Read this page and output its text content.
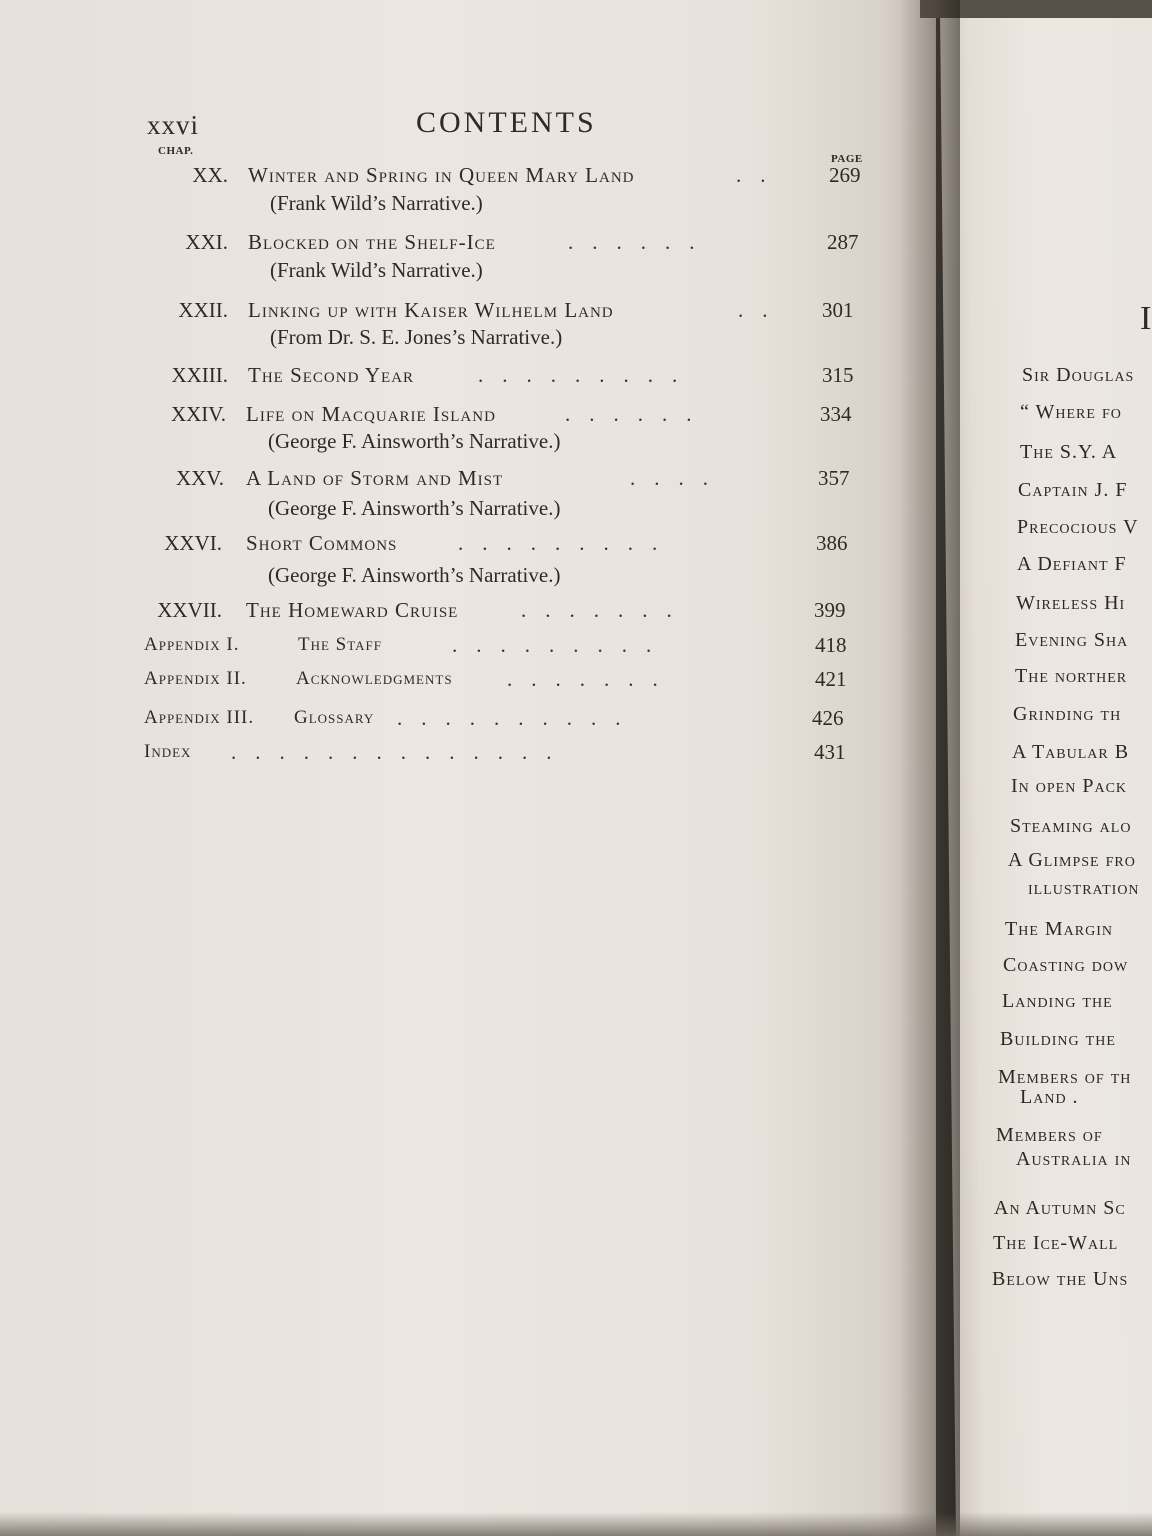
xxvi	CONTENTS
CHAP.
PAGE
XX. Winter and Spring in Queen Mary Land	.. 269
(Frank Wild’s Narrative.)
XXI. Blocked on the Shelf-Ice	......	287
(Frank Wild’s Narrative.)
XXII. Linking up with Kaiser Wilhelm Land	.. 301
(From Dr. S. E. Jones’s Narrative.)
XXIII. The Second Year	.........	315
XXIV. Life on Macquarie Island	......	334
(George F. Ainsworth’s Narrative.)
XXV. A Land of Storm and Mist	....	357
(George F. Ainsworth’s Narrative.)
XXVI. Short Commons	.........	386
(George F. Ainsworth’s Narrative.)
XXVII. The Homeward Cruise	.......	399
Appendix I.	The Staff	.........	418
Appendix II.	Acknowledgments	.......	421
Appendix III. Glossary ..........	426
Index ..............	431
I
Sir Douglas
“ Where fo
The S.Y. A
Captain J. F
Precocious V
A Defiant F
Wireless Hi
Evening Sha
The norther
Grinding th
A Tabular B
In open Pack
Steaming alo
A Glimpse fro
illustration
The Margin
Coasting dow
Landing the
Building the
Members of th
Land .
Members of
Australia in
An Autumn Sc
The Ice-Wall
Below the Uns
